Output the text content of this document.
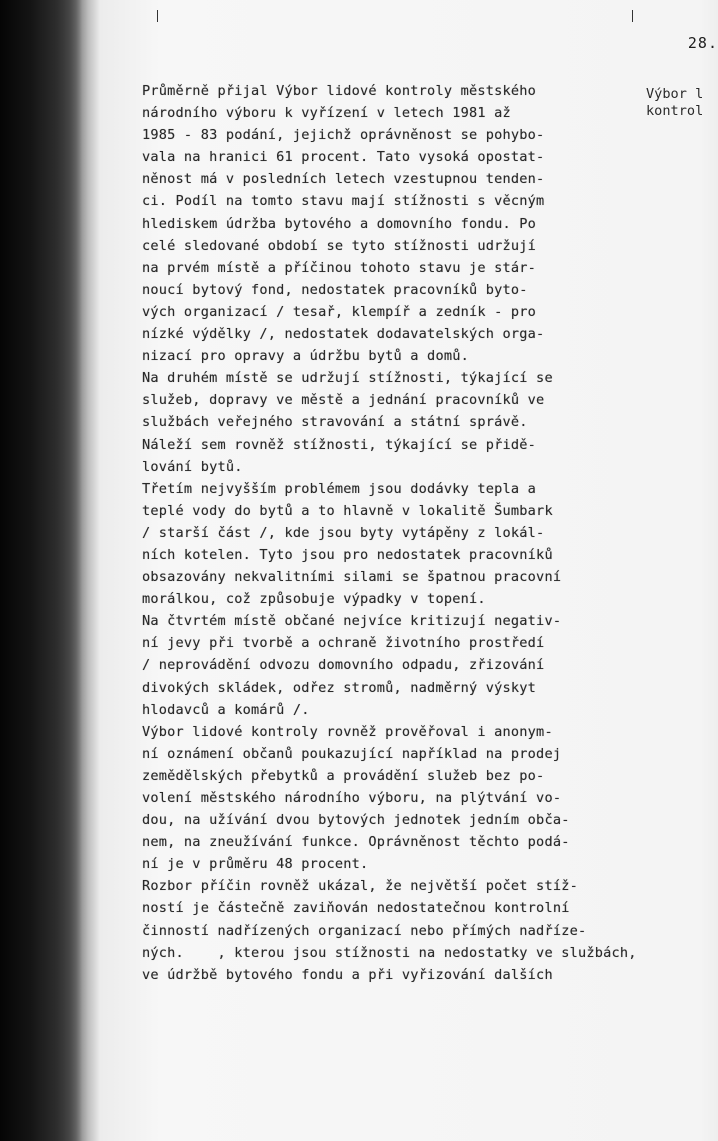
28.
Průměrně přijal Výbor lidové kontroly městského
národního výboru k vyřízení v letech 1981 až
1985 - 83 podání, jejichž oprávněnost se pohybo-
vala na hranici 61 procent. Tato vysoká opostat-
něnost má v posledních letech vzestupnou tenden-
ci. Podíl na tomto stavu mají stížnosti s věcným
hlediskem údržba bytového a domovního fondu. Po
celé sledované období se tyto stížnosti udržují
na prvém místě a příčinou tohoto stavu je stár-
noucí bytový fond, nedostatek pracovníků byto-
vých organizací / tesař, klempíř a zedník - pro
nízké výdělky /, nedostatek dodavatelských orga-
nizací pro opravy a údržbu bytů a domů.
Na druhém místě se udržují stížnosti, týkající se
služeb, dopravy ve městě a jednání pracovníků ve
službách veřejného stravování a státní správě.
Náleží sem rovněž stížnosti, týkající se přidě-
lování bytů.
Třetím nejvyšším problémem jsou dodávky tepla a
teplé vody do bytů a to hlavně v lokalitě Šumbark
/ starší část /, kde jsou byty vytápěny z lokál-
ních kotelen. Tyto jsou pro nedostatek pracovníků
obsazovány nekvalitními silami se špatnou pracovní
morálkou, což způsobuje výpadky v topení.
Na čtvrtém místě občané nejvíce kritizují negativ-
ní jevy při tvorbě a ochraně životního prostředí
/ neprovádění odvozu domovního odpadu, zřizování
divokých skládek, odřez stromů, nadměrný výskyt
hlodavců a komárů /.
Výbor lidové kontroly rovněž prověřoval i anonym-
ní oznámení občanů poukazující například na prodej
zemědělských přebytků a provádění služeb bez po-
volení městského národního výboru, na plýtvání vo-
dou, na užívání dvou bytových jednotek jedním obča-
nem, na zneužívání funkce. Oprávněnost těchto podá-
ní je v průměru 48 procent.
Rozbor příčin rovněž ukázal, že největší počet stíž-
ností je částečně zaviňován nedostatečnou kontrolní
činností nadřízených organizací nebo přímých nadříze-
ných.    , kterou jsou stížnosti na nedostatky ve službách,
ve údržbě bytového fondu a při vyřizování dalších
Výbor l
kontrol
